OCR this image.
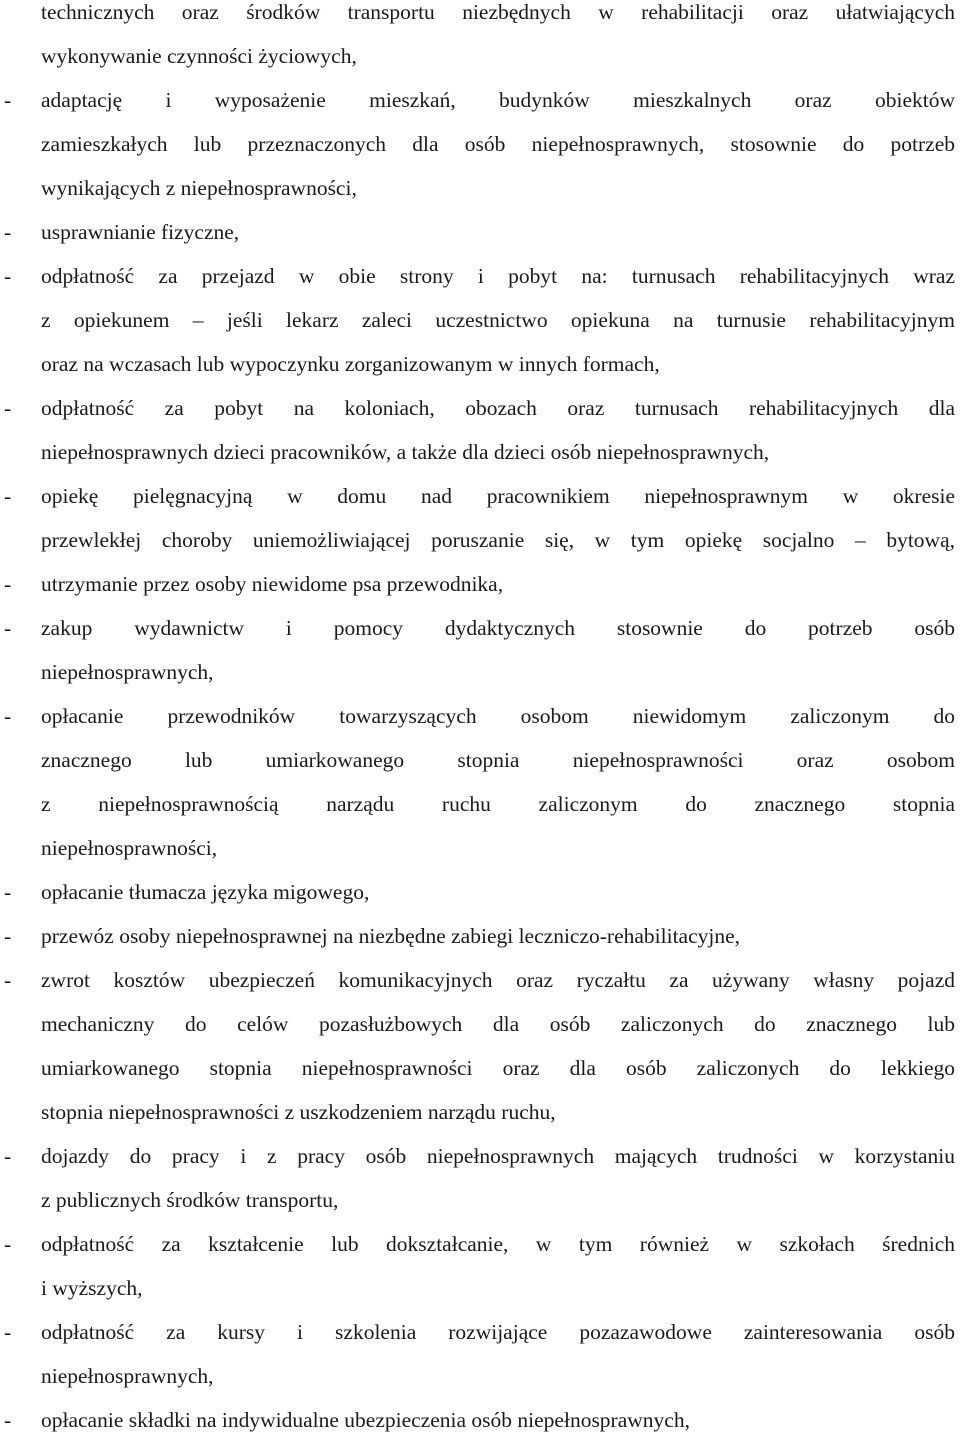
technicznych oraz środków transportu niezbędnych w rehabilitacji oraz ułatwiających
wykonywanie czynności życiowych,
- adaptację i wyposażenie mieszkań, budynków mieszkalnych oraz obiektów
zamieszkałych lub przeznaczonych dla osób niepełnosprawnych, stosownie do potrzeb
wynikających z niepełnosprawności,
- usprawnianie fizyczne,
- odpłatność za przejazd w obie strony i pobyt na: turnusach rehabilitacyjnych wraz
z opiekunem – jeśli lekarz zaleci uczestnictwo opiekuna na turnusie rehabilitacyjnym
oraz na wczasach lub wypoczynku zorganizowanym w innych formach,
- odpłatność za pobyt na koloniach, obozach oraz turnusach rehabilitacyjnych dla
niepełnosprawnych dzieci pracowników, a także dla dzieci osób niepełnosprawnych,
- opiekę pielęgnacyjną w domu nad pracownikiem niepełnosprawnym w okresie
przewlekłej choroby uniemożliwiającej poruszanie się, w tym opiekę socjalno – bytową,
- utrzymanie przez osoby niewidome psa przewodnika,
- zakup wydawnictw i pomocy dydaktycznych stosownie do potrzeb osób
niepełnosprawnych,
- opłacanie przewodników towarzyszących osobom niewidomym zaliczonym do
znacznego lub umiarkowanego stopnia niepełnosprawności oraz osobom
z niepełnosprawnością narządu ruchu zaliczonym do znacznego stopnia
niepełnosprawności,
- opłacanie tłumacza języka migowego,
- przewóz osoby niepełnosprawnej na niezbędne zabiegi leczniczo-rehabilitacyjne,
- zwrot kosztów ubezpieczeń komunikacyjnych oraz ryczałtu za używany własny pojazd
mechaniczny do celów pozasłużbowych dla osób zaliczonych do znacznego lub
umiarkowanego stopnia niepełnosprawności oraz dla osób zaliczonych do lekkiego
stopnia niepełnosprawności z uszkodzeniem narządu ruchu,
- dojazdy do pracy i z pracy osób niepełnosprawnych mających trudności w korzystaniu
z publicznych środków transportu,
- odpłatność za kształcenie lub dokształcanie, w tym również w szkołach średnich
i wyższych,
- odpłatność za kursy i szkolenia rozwijające pozazawodowe zainteresowania osób
niepełnosprawnych,
- opłacanie składki na indywidualne ubezpieczenia osób niepełnosprawnych,
